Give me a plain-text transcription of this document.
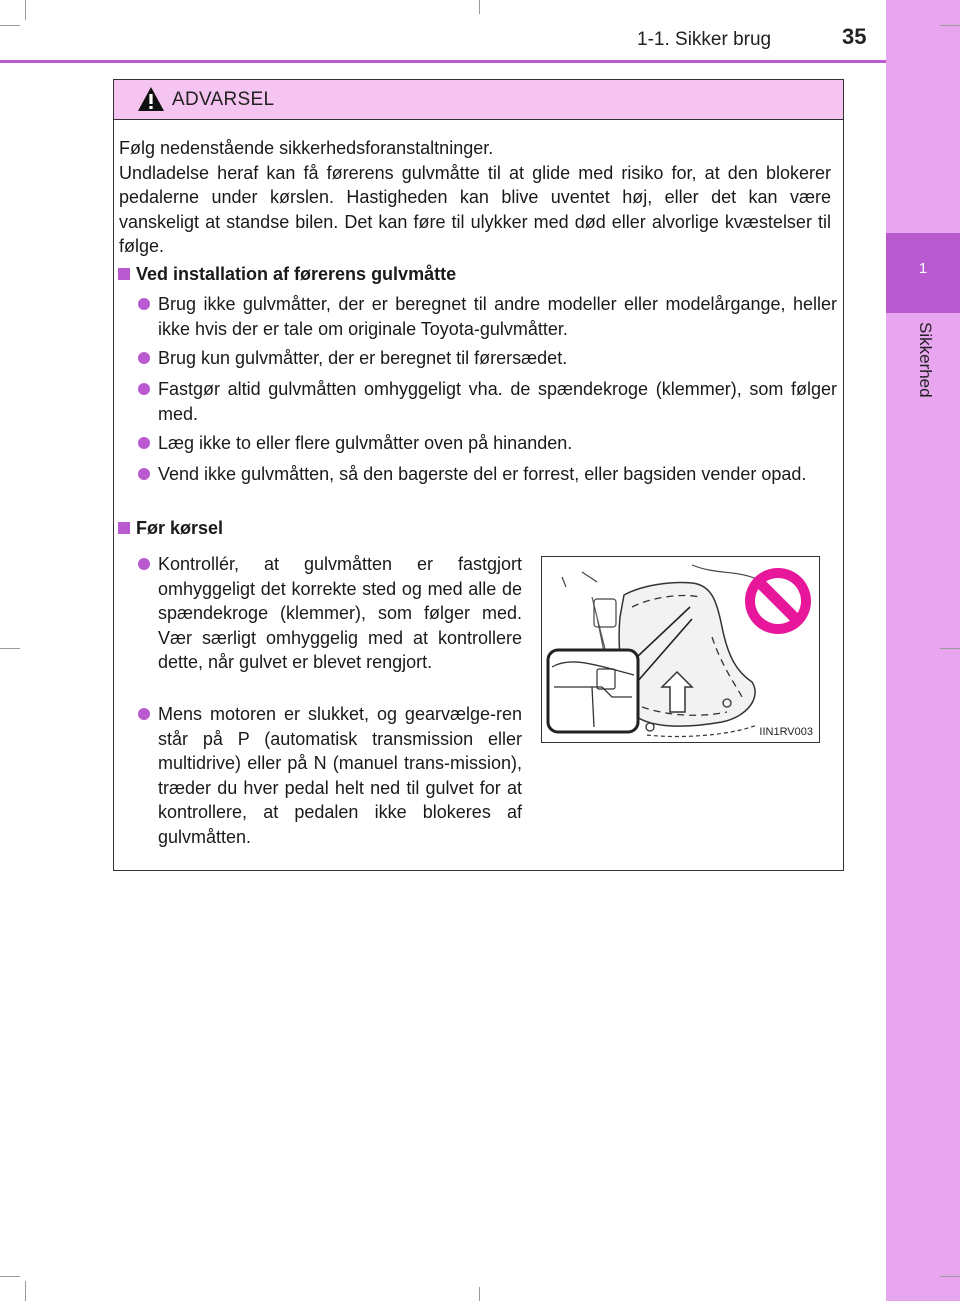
1
Sikkerhed
1-1. Sikker brug	35
ADVARSEL

Følg nedenstående sikkerhedsforanstaltninger.

Undladelse heraf kan få førerens gulvmåtte til at glide med risiko for, at den blokerer pedalerne under kørslen. Hastigheden kan blive uventet høj, eller det kan være vanskeligt at standse bilen. Det kan føre til ulykker med død eller alvorlige kvæstelser til følge.

Ved installation af førerens gulvmåtte
Brug ikke gulvmåtter, der er beregnet til andre modeller eller modelårgange, heller ikke hvis der er tale om originale Toyota-gulvmåtter.
Brug kun gulvmåtter, der er beregnet til førersædet.
Fastgør altid gulvmåtten omhyggeligt vha. de spændekroge (klemmer), som følger med.
Læg ikke to eller flere gulvmåtter oven på hinanden.
Vend ikke gulvmåtten, så den bagerste del er forrest, eller bagsiden vender opad.
Før kørsel
Kontrollér, at gulvmåtten er fastgjort omhyggeligt det korrekte sted og med alle de spændekroge (klemmer), som følger med. Vær særligt omhyggelig med at kontrollere dette, når gulvet er blevet rengjort.
Mens motoren er slukket, og gearvælge-ren står på P (automatisk transmission eller multidrive) eller på N (manuel trans-mission), træder du hver pedal helt ned til gulvet for at kontrollere, at pedalen ikke blokeres af gulvmåtten.
IIN1RV003
